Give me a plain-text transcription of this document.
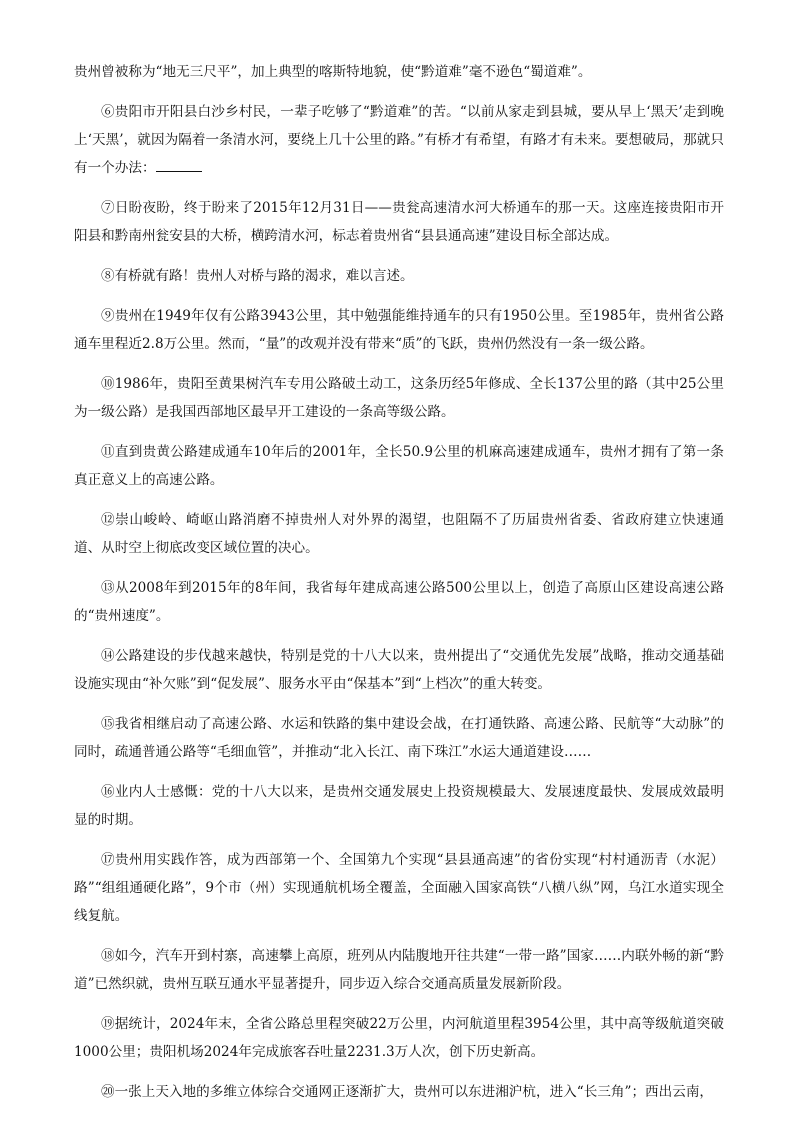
贵州曾被称为“地无三尺平”，加上典型的喀斯特地貌，使“黔道难”毫不逊色“蜀道难”。

⑥贵阳市开阳县白沙乡村民，一辈子吃够了“黔道难”的苦。“以前从家走到县城，要从早上‘黑天’走到晚上‘天黑’，就因为隔着一条清水河，要绕上几十公里的路。”有桥才有希望，有路才有未来。要想破局，那就只有一个办法：

⑦日盼夜盼，终于盼来了2015年12月31日——贵瓮高速清水河大桥通车的那一天。这座连接贵阳市开阳县和黔南州瓮安县的大桥，横跨清水河，标志着贵州省“县县通高速”建设目标全部达成。

⑧有桥就有路！贵州人对桥与路的渴求，难以言述。

⑨贵州在1949年仅有公路3943公里，其中勉强能维持通车的只有1950公里。至1985年，贵州省公路通车里程近2.8万公里。然而，“量”的改观并没有带来“质”的飞跃，贵州仍然没有一条一级公路。

⑩1986年，贵阳至黄果树汽车专用公路破土动工，这条历经5年修成、全长137公里的路（其中25公里为一级公路）是我国西部地区最早开工建设的一条高等级公路。

⑪直到贵黄公路建成通车10年后的2001年，全长50.9公里的机麻高速建成通车，贵州才拥有了第一条真正意义上的高速公路。

⑫崇山峻岭、崎岖山路消磨不掉贵州人对外界的渴望，也阻隔不了历届贵州省委、省政府建立快速通道、从时空上彻底改变区域位置的决心。

⑬从2008年到2015年的8年间，我省每年建成高速公路500公里以上，创造了高原山区建设高速公路的“贵州速度”。

⑭公路建设的步伐越来越快，特别是党的十八大以来，贵州提出了“交通优先发展”战略，推动交通基础设施实现由“补欠账”到“促发展”、服务水平由“保基本”到“上档次”的重大转变。

⑮我省相继启动了高速公路、水运和铁路的集中建设会战，在打通铁路、高速公路、民航等“大动脉”的同时，疏通普通公路等“毛细血管”，并推动“北入长江、南下珠江”水运大通道建设……

⑯业内人士感慨：党的十八大以来，是贵州交通发展史上投资规模最大、发展速度最快、发展成效最明显的时期。

⑰贵州用实践作答，成为西部第一个、全国第九个实现“县县通高速”的省份实现“村村通沥青（水泥）路”“组组通硬化路”，9个市（州）实现通航机场全覆盖，全面融入国家高铁“八横八纵”网，乌江水道实现全线复航。

⑱如今，汽车开到村寨，高速攀上高原，班列从内陆腹地开往共建“一带一路”国家……内联外畅的新“黔道”已然织就，贵州互联互通水平显著提升，同步迈入综合交通高质量发展新阶段。

⑲据统计，2024年末，全省公路总里程突破22万公里，内河航道里程3954公里，其中高等级航道突破1000公里；贵阳机场2024年完成旅客吞吐量2231.3万人次，创下历史新高。

⑳一张上天入地的多维立体综合交通网正逐渐扩大，贵州可以东进湘沪杭，进入“长三角”；西出云南，
